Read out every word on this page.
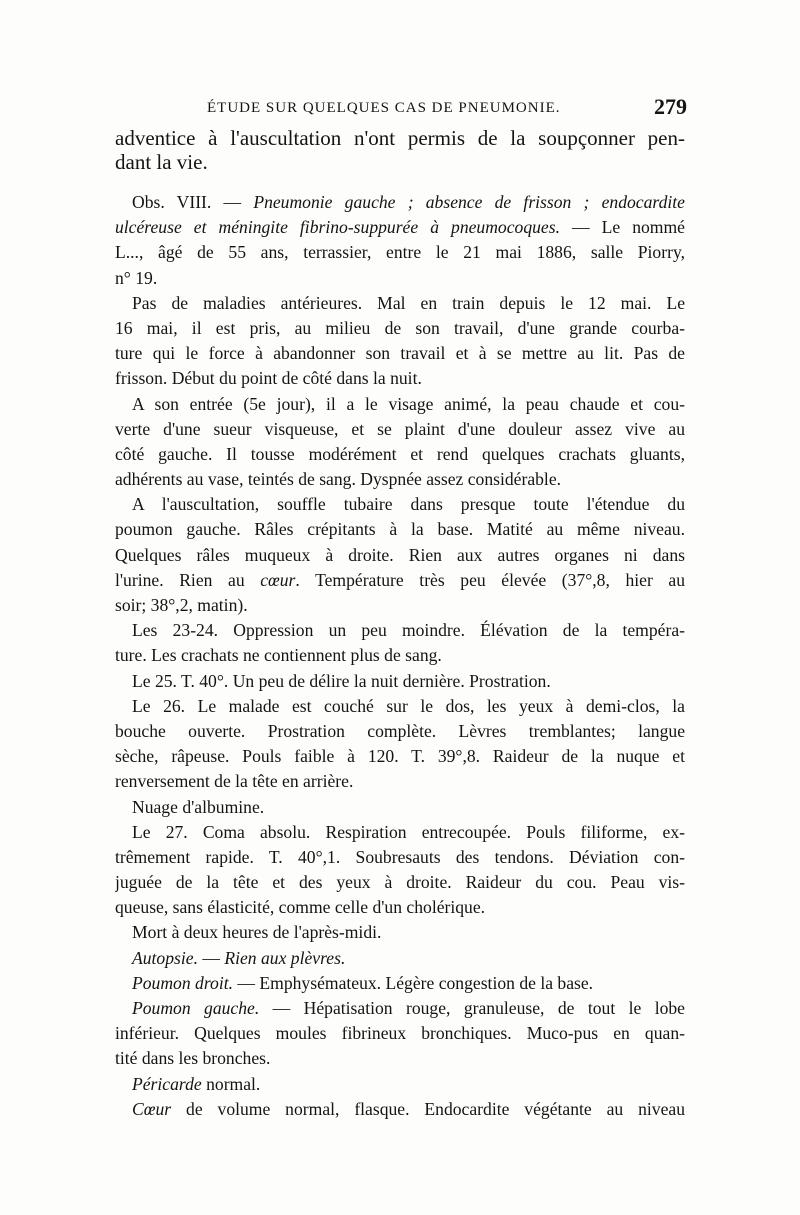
ÉTUDE SUR QUELQUES CAS DE PNEUMONIE.	279
adventice à l'auscultation n'ont permis de la soupçonner pen-
dant la vie.
Obs. VIII. — Pneumonie gauche ; absence de frisson ; endocardite
ulcéreuse et méningite fibrino-suppurée à pneumocoques. — Le nommé
L..., âgé de 55 ans, terrassier, entre le 21 mai 1886, salle Piorry,
n° 19.
Pas de maladies antérieures. Mal en train depuis le 12 mai. Le
16 mai, il est pris, au milieu de son travail, d'une grande courba-
ture qui le force à abandonner son travail et à se mettre au lit. Pas de
frisson. Début du point de côté dans la nuit.
A son entrée (5e jour), il a le visage animé, la peau chaude et cou-
verte d'une sueur visqueuse, et se plaint d'une douleur assez vive au
côté gauche. Il tousse modérément et rend quelques crachats gluants,
adhérents au vase, teintés de sang. Dyspnée assez considérable.
A l'auscultation, souffle tubaire dans presque toute l'étendue du
poumon gauche. Râles crépitants à la base. Matité au même niveau.
Quelques râles muqueux à droite. Rien aux autres organes ni dans
l'urine. Rien au cœur. Température très peu élevée (37°,8, hier au
soir; 38°,2, matin).
Les 23-24. Oppression un peu moindre. Élévation de la tempéra-
ture. Les crachats ne contiennent plus de sang.
Le 25. T. 40°. Un peu de délire la nuit dernière. Prostration.
Le 26. Le malade est couché sur le dos, les yeux à demi-clos, la
bouche ouverte. Prostration complète. Lèvres tremblantes; langue
sèche, râpeuse. Pouls faible à 120. T. 39°,8. Raideur de la nuque et
renversement de la tête en arrière.
Nuage d'albumine.
Le 27. Coma absolu. Respiration entrecoupée. Pouls filiforme, ex-
trêmement rapide. T. 40°,1. Soubresauts des tendons. Déviation con-
juguée de la tête et des yeux à droite. Raideur du cou. Peau vis-
queuse, sans élasticité, comme celle d'un cholérique.
Mort à deux heures de l'après-midi.
Autopsie. — Rien aux plèvres.
Poumon droit. — Emphysémateux. Légère congestion de la base.
Poumon gauche. — Hépatisation rouge, granuleuse, de tout le lobe
inférieur. Quelques moules fibrineux bronchiques. Muco-pus en quan-
tité dans les bronches.
Péricarde normal.
Cœur de volume normal, flasque. Endocardite végétante au niveau
